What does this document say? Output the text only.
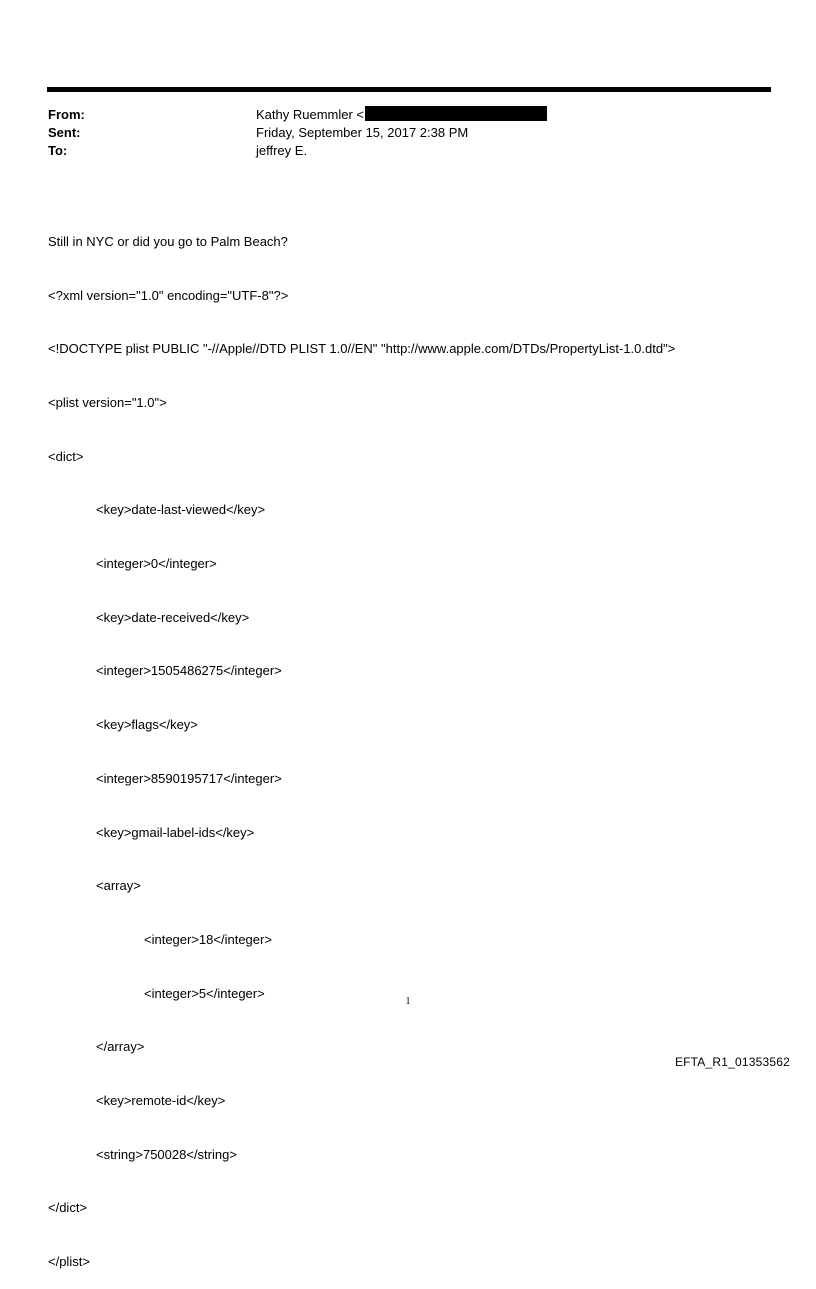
From:	Kathy Ruemmler <
Sent:	Friday, September 15, 2017 2:38 PM
To:	jeffrey E.

Still in NYC or did you go to Palm Beach?

<?xml version="1.0" encoding="UTF-8"?>

<!DOCTYPE plist PUBLIC "-//Apple//DTD PLIST 1.0//EN" "http://www.apple.com/DTDs/PropertyList-1.0.dtd">

<plist version="1.0">

<dict>

<key>date-last-viewed</key>

<integer>0</integer>

<key>date-received</key>

<integer>1505486275</integer>

<key>flags</key>

<integer>8590195717</integer>

<key>gmail-label-ids</key>

<array>

<integer>18</integer>

<integer>5</integer>

</array>

<key>remote-id</key>

<string>750028</string>

</dict>

</plist>

1
EFTA_R1_01353562
